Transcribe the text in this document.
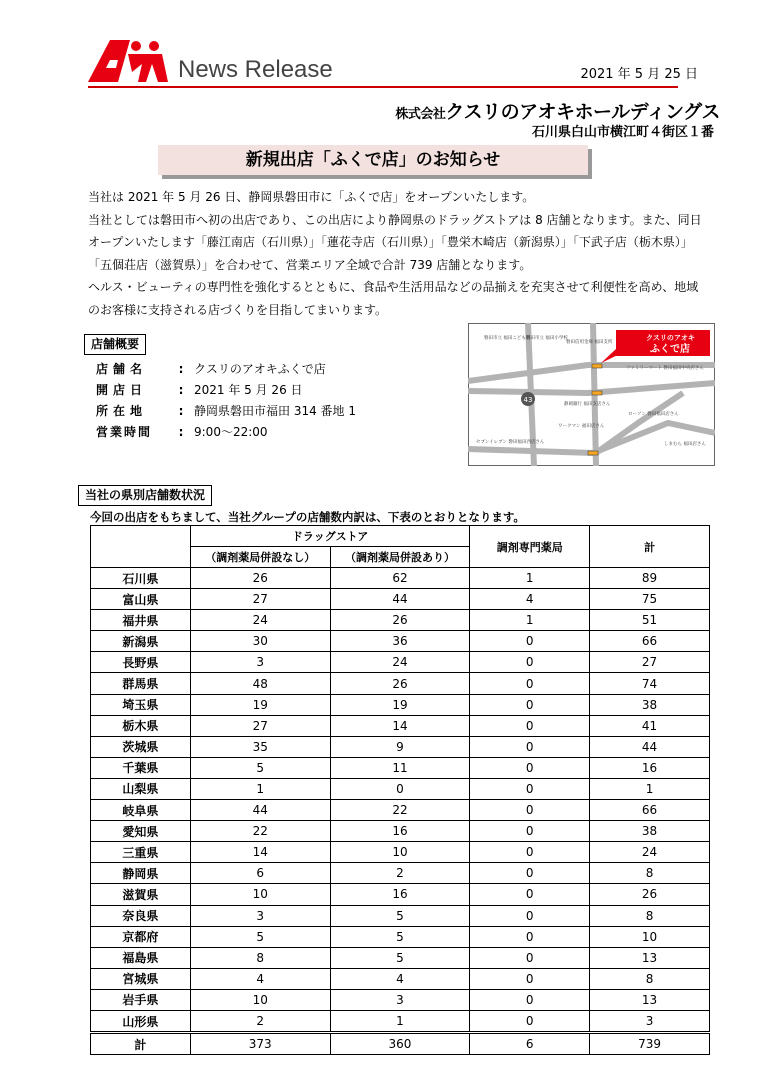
News Release	2021 年 5 月 25 日
株式会社クスリのアオキホールディングス
石川県白山市横江町４街区１番
新規出店「ふくで店」のお知らせ

当社は 2021 年 5 月 26 日、静岡県磐田市に「ふくで店」をオープンいたします。

当社としては磐田市へ初の出店であり、この出店により静岡県のドラッグストアは 8 店舗となります。また、同日オープンいたします「藤江南店（石川県）」「蓮花寺店（石川県）」「豊栄木崎店（新潟県）」「下武子店（栃木県）」「五個荘店（滋賀県）」を合わせて、営業エリア全域で合計 739 店舗となります。

ヘルス・ビューティの専門性を強化するとともに、食品や生活用品などの品揃えを充実させて利便性を高め、地域のお客様に支持される店づくりを目指してまいります。

店舗概要
店舗名	:	クスリのアオキふくで店
開店日	:	2021 年 5 月 26 日
所在地	:	静岡県磐田市福田 314 番地 1
営業時間	:	9:00～22:00
43
クスリのアオキ
ふくで店
磐田市立 福田こども園
磐田市立 福田小学校
磐田信用金庫 福田支所
ファミリーマート 磐田福田中央店さん
静岡銀行 福田支店さん
ローソン 磐田福田店さん
ワークマン 福田店さん
セブンイレブン 磐田福田西店さん	しまむら 福田店さん
当社の県別店舗数状況
今回の出店をもちまして、当社グループの店舗数内訳は、下表のとおりとなります。
	ドラッグストア		調剤専門薬局	計
	（調剤薬局併設なし）	（調剤薬局併設あり）		
石川県	26	62	1	89
富山県	27	44	4	75
福井県	24	26	1	51
新潟県	30	36	0	66
長野県	3	24	0	27
群馬県	48	26	0	74
埼玉県	19	19	0	38
栃木県	27	14	0	41
茨城県	35	9	0	44
千葉県	5	11	0	16
山梨県	1	0	0	1
岐阜県	44	22	0	66
愛知県	22	16	0	38
三重県	14	10	0	24
静岡県	6	2	0	8
滋賀県	10	16	0	26
奈良県	3	5	0	8
京都府	5	5	0	10
福島県	8	5	0	13
宮城県	4	4	0	8
岩手県	10	3	0	13
山形県	2	1	0	3
計	373	360	6	739
